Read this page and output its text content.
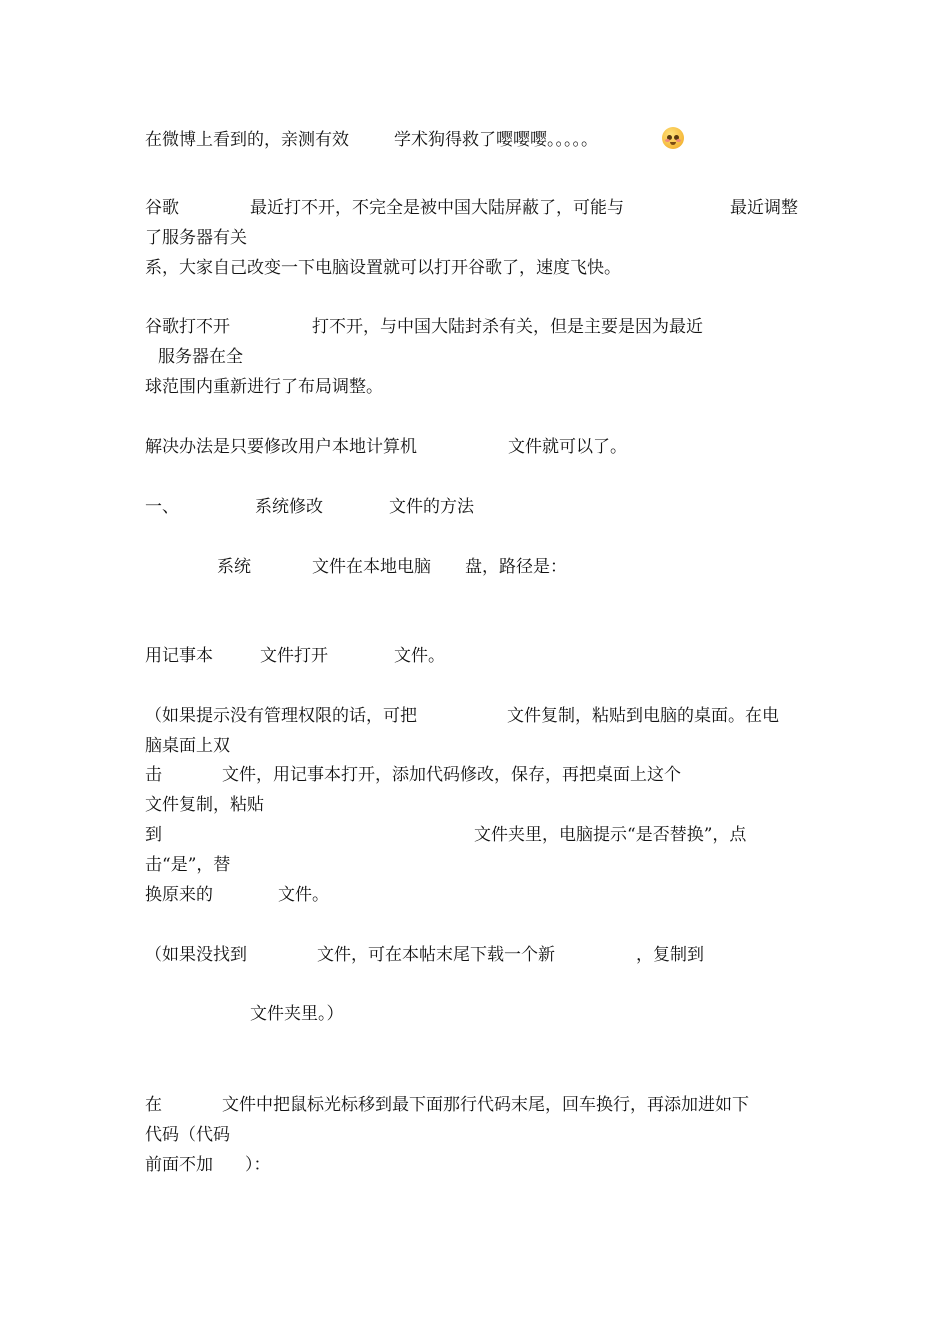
在微博上看到的，亲测有效	学术狗得救了嘤嘤嘤。。。。。
谷歌	最近打不开，不完全是被中国大陆屏蔽了，可能与	最近调整
了服务器有关
系，大家自己改变一下电脑设置就可以打开谷歌了，速度飞快。
谷歌打不开	打不开，与中国大陆封杀有关，但是主要是因为最近
服务器在全
球范围内重新进行了布局调整。
解决办法是只要修改用户本地计算机	文件就可以了。
一、	系统修改	文件的方法
系统	文件在本地电脑 盘，路径是：
用记事本	文件打开	文件。
（如果提示没有管理权限的话，可把	文件复制，粘贴到电脑的桌面。在电
脑桌面上双
击	文件，用记事本打开，添加代码修改，保存，再把桌面上这个
文件复制，粘贴
到	文件夹里，电脑提示“是否替换”，点
击“是”，替
换原来的	文件。
（如果没找到	文件，可在本帖末尾下载一个新	，复制到
文件夹里。）
在	文件中把鼠标光标移到最下面那行代码末尾，回车换行，再添加进如下
代码（代码
前面不加 ）：
